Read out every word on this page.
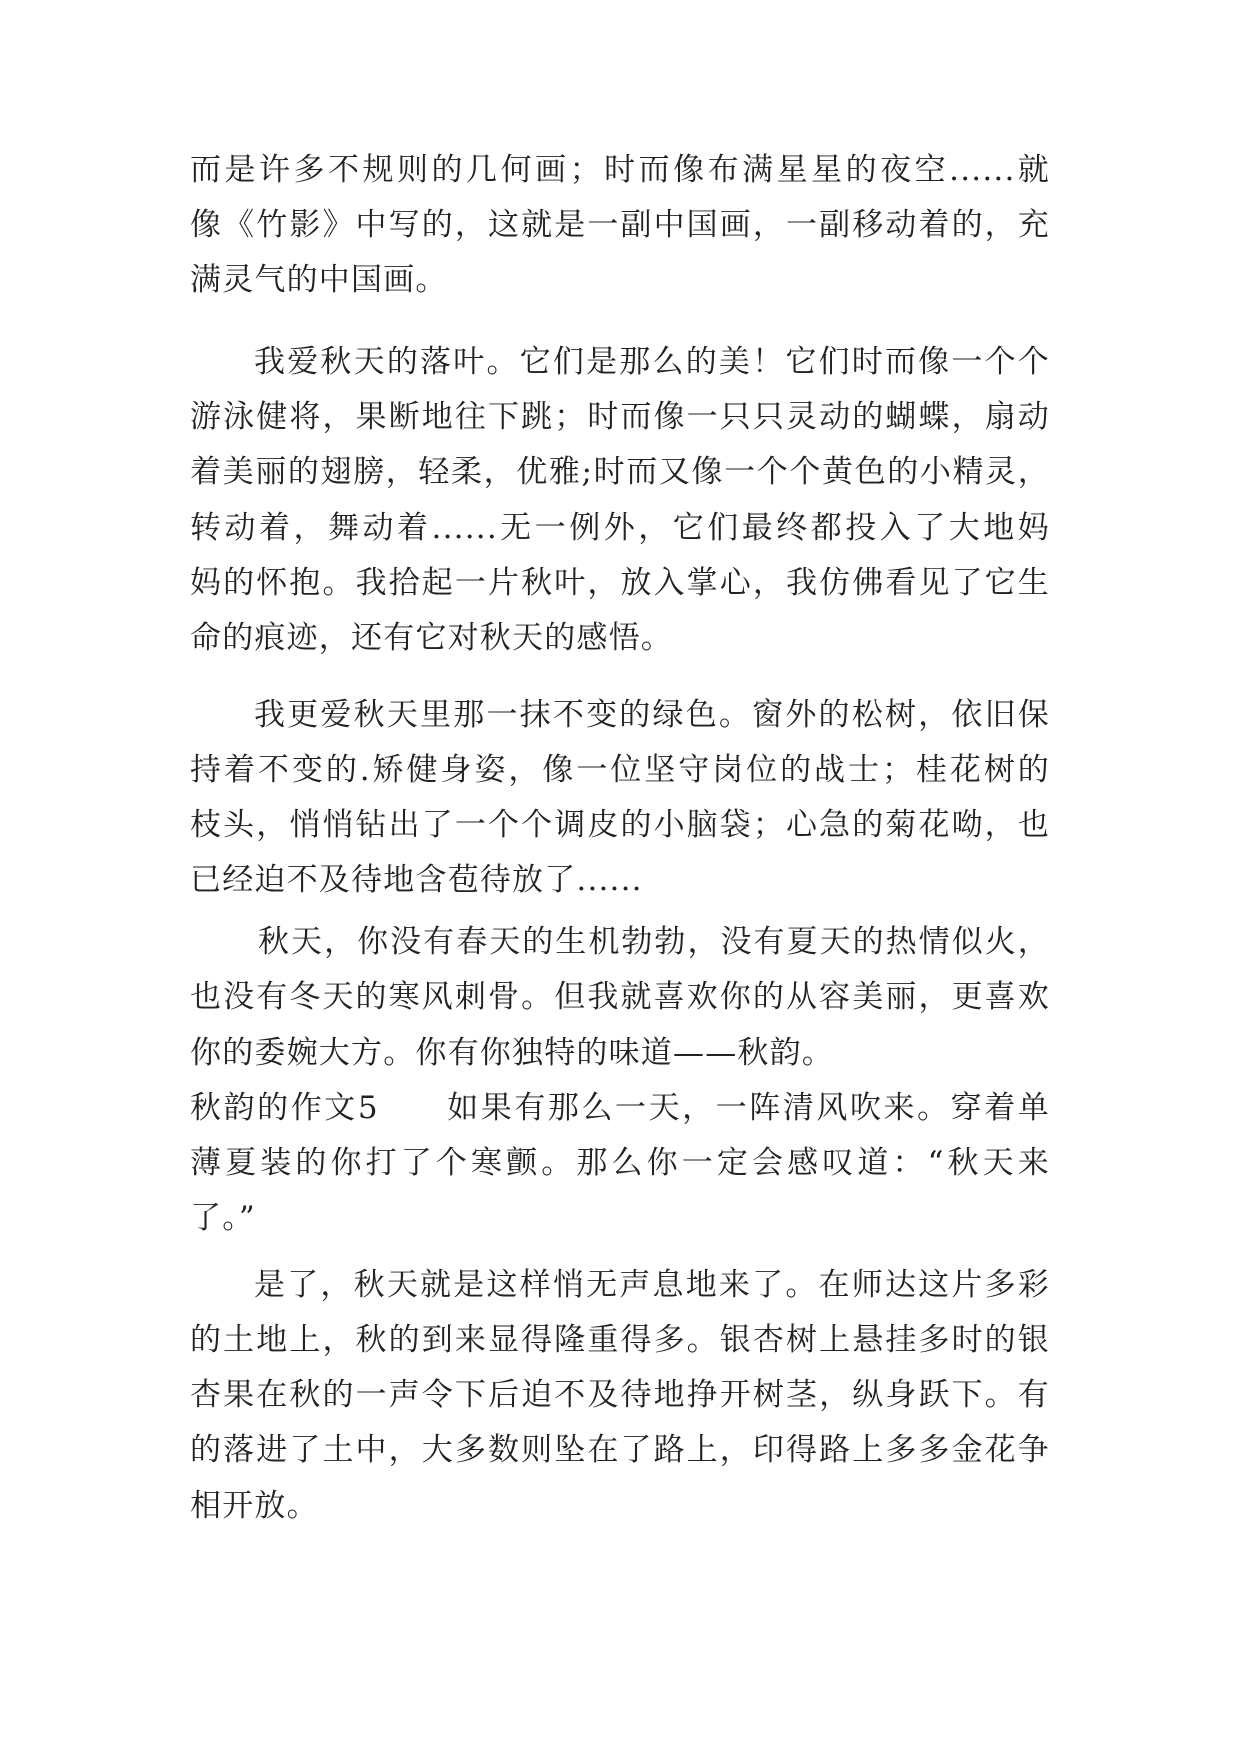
而是许多不规则的几何画；时而像布满星星的夜空......就
像《竹影》中写的，这就是一副中国画，一副移动着的，充
满灵气的中国画。
我爱秋天的落叶。它们是那么的美！它们时而像一个个
游泳健将，果断地往下跳；时而像一只只灵动的蝴蝶，扇动
着美丽的翅膀，轻柔，优雅;时而又像一个个黄色的小精灵，
转动着，舞动着......无一例外，它们最终都投入了大地妈
妈的怀抱。我拾起一片秋叶，放入掌心，我仿佛看见了它生
命的痕迹，还有它对秋天的感悟。
我更爱秋天里那一抹不变的绿色。窗外的松树，依旧保
持着不变的.矫健身姿，像一位坚守岗位的战士；桂花树的
枝头，悄悄钻出了一个个调皮的小脑袋；心急的菊花呦，也
已经迫不及待地含苞待放了......
秋天，你没有春天的生机勃勃，没有夏天的热情似火，
也没有冬天的寒风刺骨。但我就喜欢你的从容美丽，更喜欢
你的委婉大方。你有你独特的味道——秋韵。
秋韵的作文5　　如果有那么一天，一阵清风吹来。穿着单
薄夏装的你打了个寒颤。那么你一定会感叹道：“秋天来
了。”
是了，秋天就是这样悄无声息地来了。在师达这片多彩
的土地上，秋的到来显得隆重得多。银杏树上悬挂多时的银
杏果在秋的一声令下后迫不及待地挣开树茎，纵身跃下。有
的落进了土中，大多数则坠在了路上，印得路上多多金花争
相开放。
